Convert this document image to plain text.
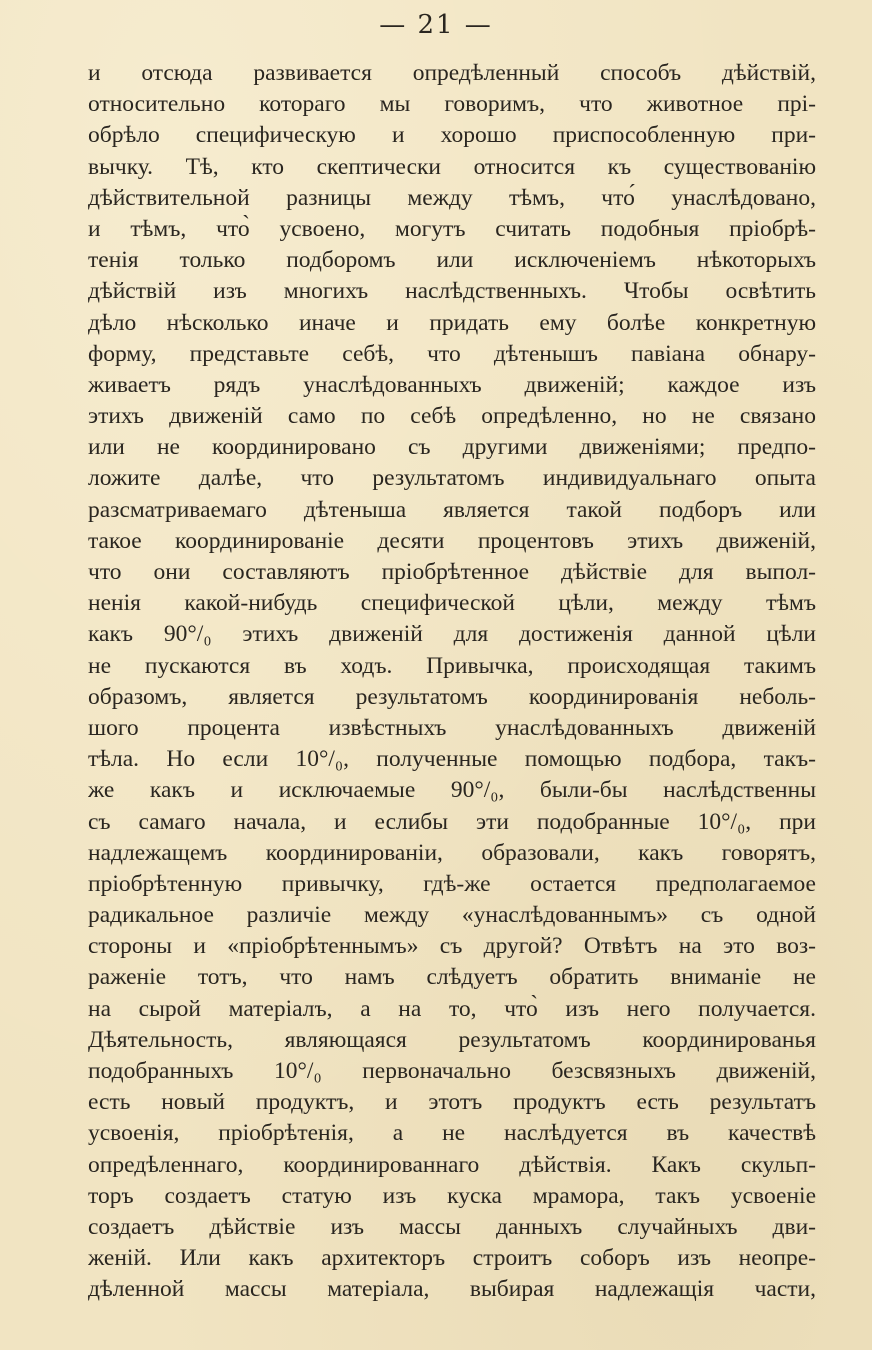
— 21 —
и отсюда развивается опредѣленный способъ дѣйствій,
относительно котораго мы говоримъ, что животное прі-
обрѣло специфическую и хорошо приспособленную при-
вычку. Тѣ, кто скептически относится къ существованію
дѣйствительной разницы между тѣмъ, что́ унаслѣдовано,
и тѣмъ, что̀ усвоено, могутъ считать подобныя пріобрѣ-
тенія только подборомъ или исключеніемъ нѣкоторыхъ
дѣйствій изъ многихъ наслѣдственныхъ. Чтобы освѣтить
дѣло нѣсколько иначе и придать ему болѣе конкретную
форму, представьте себѣ, что дѣтенышъ павіана обнару-
живаетъ рядъ унаслѣдованныхъ движеній; каждое изъ
этихъ движеній само по себѣ опредѣленно, но не связано
или не координировано съ другими движеніями; предпо-
ложите далѣе, что результатомъ индивидуальнаго опыта
разсматриваемаго дѣтеныша является такой подборъ или
такое координированіе десяти процентовъ этихъ движеній,
что они составляютъ пріобрѣтенное дѣйствіе для выпол-
ненія какой-нибудь специфической цѣли, между тѣмъ
какъ 90°/₀ этихъ движеній для достиженія данной цѣли
не пускаются въ ходъ. Привычка, происходящая такимъ
образомъ, является результатомъ координированія неболь-
шого процента извѣстныхъ унаслѣдованныхъ движеній
тѣла. Но если 10°/₀, полученные помощью подбора, такъ-
же какъ и исключаемые 90°/₀, были-бы наслѣдственны
съ самаго начала, и еслибы эти подобранные 10°/₀, при
надлежащемъ координированіи, образовали, какъ говорятъ,
пріобрѣтенную привычку, гдѣ-же остается предполагаемое
радикальное различіе между «унаслѣдованнымъ» съ одной
стороны и «пріобрѣтеннымъ» съ другой? Отвѣтъ на это воз-
раженіе тотъ, что намъ слѣдуетъ обратить вниманіе не
на сырой матеріалъ, а на то, что̀ изъ него получается.
Дѣятельность, являющаяся результатомъ координированья
подобранныхъ 10°/₀ первоначально безсвязныхъ движеній,
есть новый продуктъ, и этотъ продуктъ есть результатъ
усвоенія, пріобрѣтенія, а не наслѣдуется въ качествѣ
опредѣленнаго, координированнаго дѣйствія. Какъ скульп-
торъ создаетъ статую изъ куска мрамора, такъ усвоеніе
создаетъ дѣйствіе изъ массы данныхъ случайныхъ дви-
женій. Или какъ архитекторъ строитъ соборъ изъ неопре-
дѣленной массы матеріала, выбирая надлежащія части,
